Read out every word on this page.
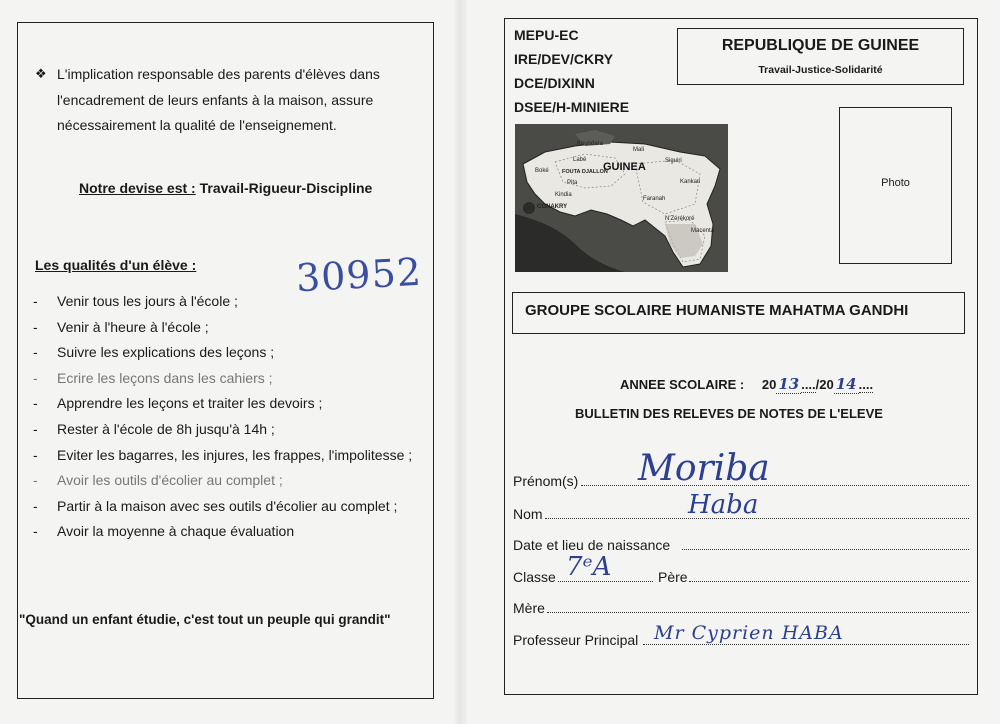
❖ L'implication responsable des parents d'élèves dans
l'encadrement de leurs enfants à la maison, assure
nécessairement la qualité de l'enseignement.
Notre devise est : Travail-Rigueur-Discipline
Les qualités d'un élève :	30952
- Venir tous les jours à l'école ;
- Venir à l'heure à l'école ;
- Suivre les explications des leçons ;
- Ecrire les leçons dans les cahiers ;
- Apprendre les leçons et traiter les devoirs ;
- Rester à l'école de 8h jusqu'à 14h ;
- Eviter les bagarres, les injures, les frappes, l'impolitesse ;
- Avoir les outils d'écolier au complet ;
- Partir à la maison avec ses outils d'écolier au complet ;
- Avoir la moyenne à chaque évaluation
"Quand un enfant étudie, c'est tout un peuple qui grandit"
MEPU-EC
IRE/DEV/CKRY
DCE/DIXINN
DSEE/H-MINIERE
REPUBLIQUE DE GUINEE
Travail-Justice-Solidarité
GUINEA
Koundara
Mali
Labé
FOUTA DJALLON
Boké
Pita
Kindia
CONAKRY
Siguiri
Kankan
Faranah
N'Zérékoré
Macenta
Photo
GROUPE SCOLAIRE HUMANISTE MAHATMA GANDHI
ANNEE SCOLAIRE : 20 13 ..../20 14 ....
BULLETIN DES RELEVES DE NOTES DE L'ELEVE
Prénom(s) Moriba
Nom	Haba
Date et lieu de naissance
Classe 7ᵉA	Père
Mère
Professeur Principal Mr Cyprien HABA
